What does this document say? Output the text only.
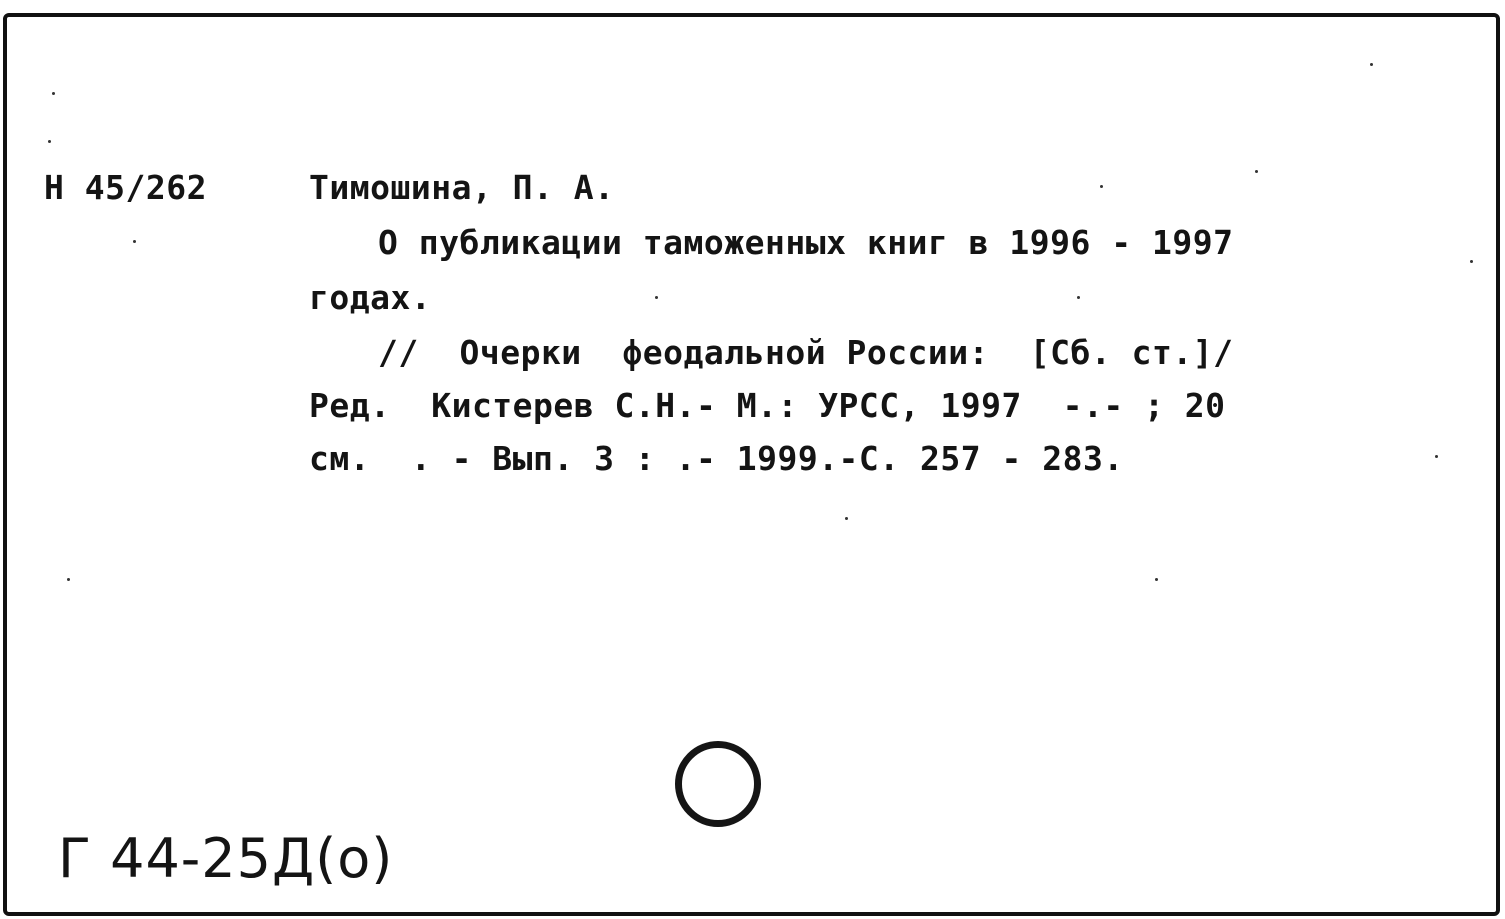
Н 45/262	Тимошина, П. А.
О публикации таможенных книг в 1996 - 1997
годах.
//  Очерки  феодальной России:  [Сб. ст.]/
Ред.  Кистерев С.Н.- М.: УРСС, 1997  -.- ; 20
см.  . - Вып. 3 : .- 1999.-С. 257 - 283.
Г 44-25Д(о)
